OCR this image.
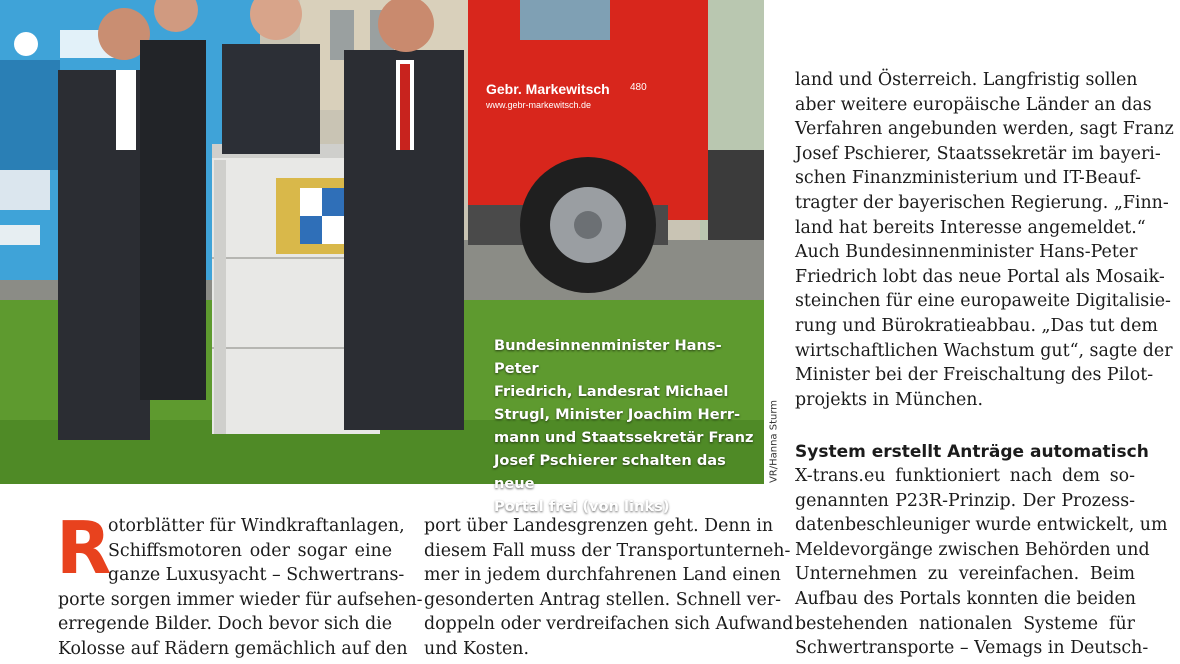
Gebr. Markewitsch
www.gebr-markewitsch.de
480
Bundesinnenminister Hans-Peter
Friedrich, Landesrat Michael
Strugl, Minister Joachim Herr-
mann und Staatssekretär Franz
Josef Pschierer schalten das neue
Portal frei (von links)
VR/Hanna Sturm
R
otorblätter für Windkraftanlagen,
Schiffsmotoren oder sogar eine
ganze Luxusyacht – Schwertrans-
porte sorgen immer wieder für aufsehen-
erregende Bilder. Doch bevor sich die
Kolosse auf Rädern gemächlich auf den
port über Landesgrenzen geht. Denn in
diesem Fall muss der Transportunterneh-
mer in jedem durchfahrenen Land einen
gesonderten Antrag stellen. Schnell ver-
doppeln oder verdreifachen sich Aufwand
und Kosten.
land und Österreich. Langfristig sollen
aber weitere europäische Länder an das
Verfahren angebunden werden, sagt Franz
Josef Pschierer, Staatssekretär im bayeri-
schen Finanzministerium und IT-Beauf-
tragter der bayerischen Regierung. „Finn-
land hat bereits Interesse angemeldet.“
Auch Bundesinnenminister Hans-Peter
Friedrich lobt das neue Portal als Mosaik-
steinchen für eine europaweite Digitalisie-
rung und Bürokratieabbau. „Das tut dem
wirtschaftlichen Wachstum gut“, sagte der
Minister bei der Freischaltung des Pilot-
projekts in München.
System erstellt Anträge automatisch
X-trans.eu funktioniert nach dem so-
genannten P23R-Prinzip. Der Prozess-
datenbeschleuniger wurde entwickelt, um
Meldevorgänge zwischen Behörden und
Unternehmen zu vereinfachen. Beim
Aufbau des Portals konnten die beiden
bestehenden nationalen Systeme für
Schwertransporte – Vemags in Deutsch-
